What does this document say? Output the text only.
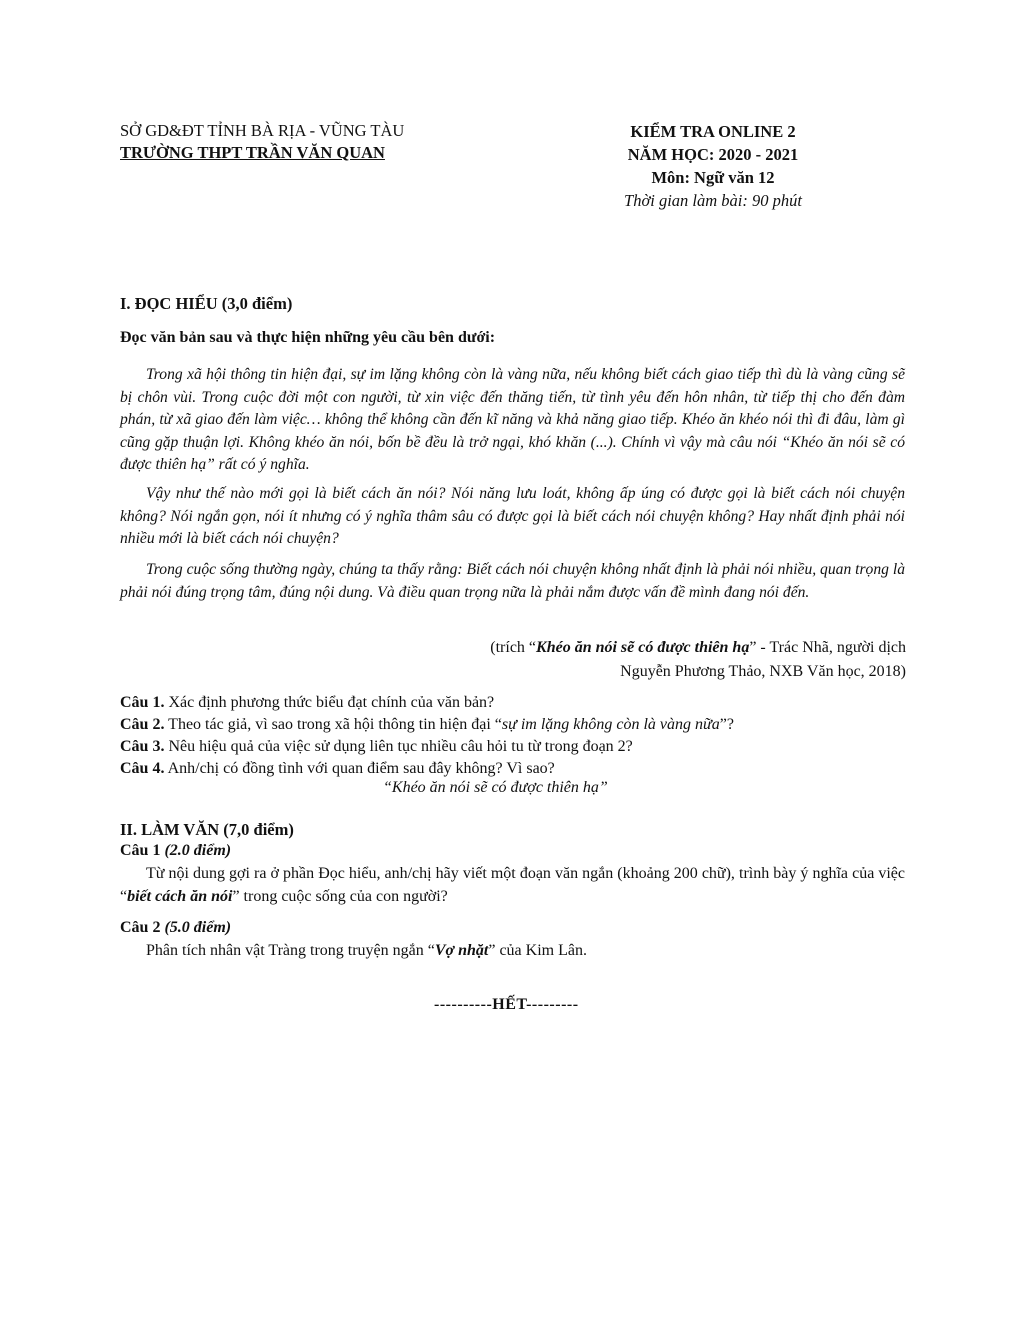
SỞ GD&ĐT TỈNH BÀ RỊA - VŨNG TÀU
TRƯỜNG THPT TRẦN VĂN QUAN
KIỂM TRA ONLINE 2
NĂM HỌC: 2020 - 2021
Môn: Ngữ văn 12
Thời gian làm bài: 90 phút
I. ĐỌC HIỂU (3,0 điểm)
Đọc văn bản sau và thực hiện những yêu cầu bên dưới:

Trong xã hội thông tin hiện đại, sự im lặng không còn là vàng nữa, nếu không biết cách giao tiếp thì dù là vàng cũng sẽ bị chôn vùi. Trong cuộc đời một con người, từ xin việc đến thăng tiến, từ tình yêu đến hôn nhân, từ tiếp thị cho đến đàm phán, từ xã giao đến làm việc… không thể không cần đến kĩ năng và khả năng giao tiếp. Khéo ăn khéo nói thì đi đâu, làm gì cũng gặp thuận lợi. Không khéo ăn nói, bốn bề đều là trở ngại, khó khăn (...). Chính vì vậy mà câu nói “Khéo ăn nói sẽ có được thiên hạ” rất có ý nghĩa.

Vậy như thế nào mới gọi là biết cách ăn nói? Nói năng lưu loát, không ấp úng có được gọi là biết cách nói chuyện không? Nói ngắn gọn, nói ít nhưng có ý nghĩa thâm sâu có được gọi là biết cách nói chuyện không? Hay nhất định phải nói nhiều mới là biết cách nói chuyện?

Trong cuộc sống thường ngày, chúng ta thấy rằng: Biết cách nói chuyện không nhất định là phải nói nhiều, quan trọng là phải nói đúng trọng tâm, đúng nội dung. Và điều quan trọng nữa là phải nắm được vấn đề mình đang nói đến.

(trích “Khéo ăn nói sẽ có được thiên hạ” - Trác Nhã, người dịch
Nguyễn Phương Thảo, NXB Văn học, 2018)
Câu 1. Xác định phương thức biểu đạt chính của văn bản?
Câu 2. Theo tác giả, vì sao trong xã hội thông tin hiện đại “sự im lặng không còn là vàng nữa”?
Câu 3. Nêu hiệu quả của việc sử dụng liên tục nhiều câu hỏi tu từ trong đoạn 2?
Câu 4. Anh/chị có đồng tình với quan điểm sau đây không? Vì sao?
“Khéo ăn nói sẽ có được thiên hạ”
II. LÀM VĂN (7,0 điểm)
Câu 1 (2.0 điểm)

Từ nội dung gợi ra ở phần Đọc hiểu, anh/chị hãy viết một đoạn văn ngắn (khoảng 200 chữ), trình bày ý nghĩa của việc “biết cách ăn nói” trong cuộc sống của con người?

Câu 2 (5.0 điểm)

Phân tích nhân vật Tràng trong truyện ngắn “Vợ nhặt” của Kim Lân.

----------HẾT---------
